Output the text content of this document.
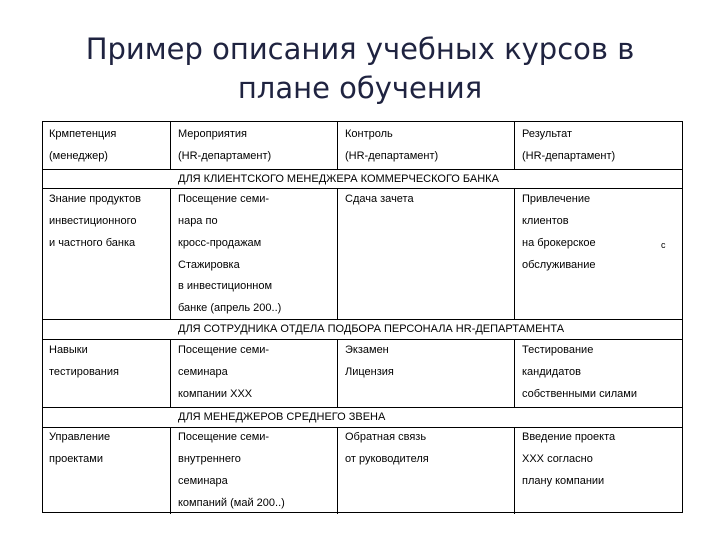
Пример описания учебных курсов в
плане обучения
Крмпетенция
(менеджер)
Мероприятия
(HR-департамент)
Контроль
(HR-департамент)
Результат
(HR-департамент)
ДЛЯ КЛИЕНТСКОГО МЕНЕДЖЕРА КОММЕРЧЕСКОГО БАНКА
Знание продуктов
инвестиционного
и частного банка
Посещение семи-
нара по
кросс-продажам
Стажировка
в инвестиционном
банке (апрель 200..)
Сдача зачета	Привлечение
клиентов
на брокерское
обслуживание
с
ДЛЯ СОТРУДНИКА ОТДЕЛА ПОДБОРА ПЕРСОНАЛА HR-ДЕПАРТАМЕНТА
Навыки
тестирования
Посещение семи-
семинара
компании ХХХ
Экзамен
Лицензия
Тестирование
кандидатов
собственными силами
ДЛЯ МЕНЕДЖЕРОВ СРЕДНЕГО ЗВЕНА
Управление
проектами
Посещение семи-
внутреннего
семинара
компаний (май 200..)
Обратная связь
от руководителя
Введение проекта
ХХХ согласно
плану компании
